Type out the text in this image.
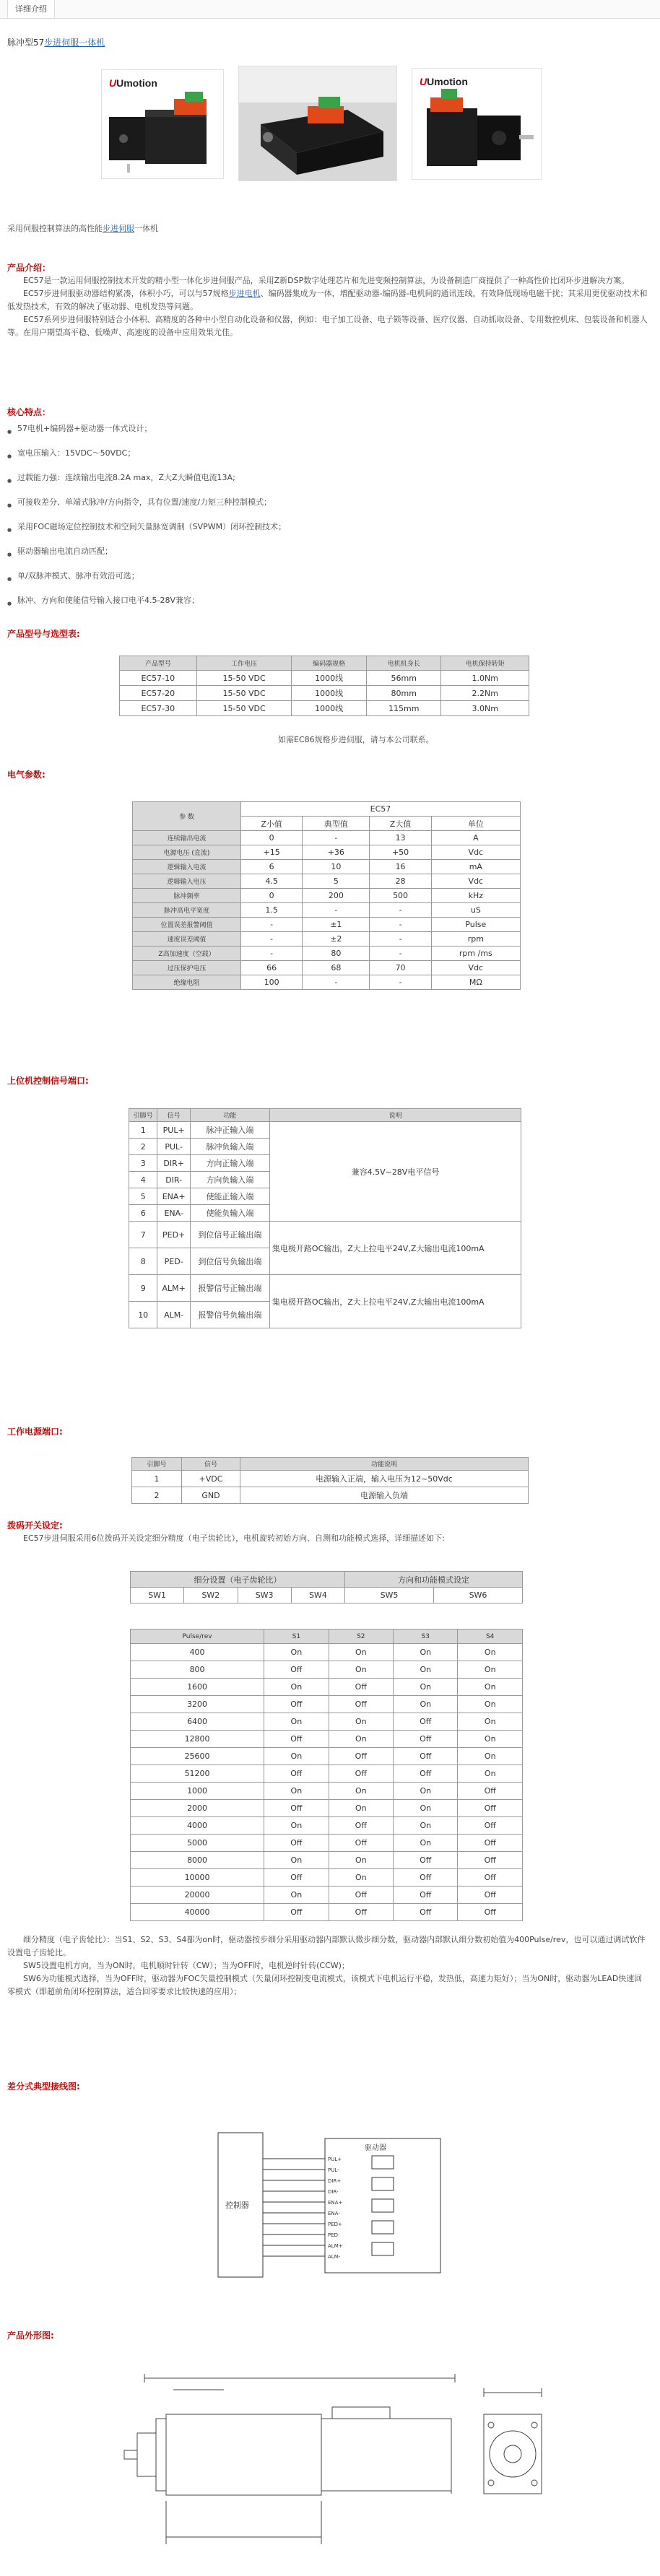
详细介绍
脉冲型57步进伺服一体机
UUmotion	UUmotion
采用伺服控制算法的高性能步进伺服一体机
产品介绍：
EC57是一款运用伺服控制技术开发的精小型一体化步进伺服产品，采用Z新DSP数字处理芯片和先进变频控制算法，为设备制造厂商提供了一种高性价比闭环步进解决方案。
EC57步进伺服驱动器结构紧凑，体积小巧，可以与57规格步进电机、编码器集成为一体，增配驱动器-编码器-电机间的通讯连线，有效降低现场电磁干扰；其采用更优驱动技术和低发热技术，有效的解决了驱动器、电机发热等问题。
EC57系列步进伺服特别适合小体积、高精度的各种中小型自动化设备和仪器，例如：电子加工设备、电子锁等设备、医疗仪器、自动抓取设备、专用数控机床、包装设备和机器人等。在用户期望高平稳、低噪声、高速度的设备中应用效果尤佳。
核心特点：
● 57电机+编码器+驱动器一体式设计；
● 宽电压输入：15VDC～50VDC；
● 过载能力强：连续输出电流8.2A max，Z大Z大瞬值电流13A;
● 可接收差分、单端式脉冲/方向指令，具有位置/速度/力矩三种控制模式；
● 采用FOC磁场定位控制技术和空间矢量脉宽调制（SVPWM）闭环控制技术；
● 驱动器输出电流自动匹配；
● 单/双脉冲模式、脉冲有效沿可选；
● 脉冲、方向和使能信号输入接口电平4.5-28V兼容；
产品型号与选型表:
产品型号	工作电压	编码器规格	电机机身长	电机保持转矩
EC57-10	15-50 VDC	1000线	56mm	1.0Nm
EC57-20	15-50 VDC	1000线	80mm	2.2Nm
EC57-30	15-50 VDC	1000线	115mm	3.0Nm
如需EC86规格步进伺服，请与本公司联系。
电气参数:
参 数	EC57			
	Z小值	典型值	Z大值	单位
连续输出电流	0	-	13	A
电源电压 (直流)	+15	+36	+50	Vdc
逻辑输入电流	6	10	16	mA
逻辑输入电压	4.5	5	28	Vdc
脉冲频率	0	200	500	kHz
脉冲高电平宽度	1.5	-	-	uS
位置误差报警阈值	-	±1	-	Pulse
速度误差阈值	-	±2	-	rpm
Z高加速度（空载）	-	80	-	rpm /ms
过压保护电压	66	68	70	Vdc
绝缘电阻	100	-	-	MΩ
上位机控制信号端口:
引脚号	信号	功能	说明
1	PUL+	脉冲正输入端	兼容4.5V~28V电平信号
2	PUL-	脉冲负输入端	
3	DIR+	方向正输入端	
4	DIR-	方向负输入端	
5	ENA+	使能正输入端	
6	ENA-	使能负输入端	
7	PED+	到位信号正输出端	集电极开路OC输出，Z大上拉电平24V,Z大输出电流100mA
8	PED-	到位信号负输出端	
9	ALM+	报警信号正输出端	集电极开路OC输出，Z大上拉电平24V,Z大输出电流100mA
10	ALM-	报警信号负输出端	
工作电源端口:
引脚号	信号	功能说明
1	+VDC	电源输入正端，输入电压为12~50Vdc
2	GND	电源输入负端
拨码开关设定:
EC57步进伺服采用6位拨码开关设定细分精度（电子齿轮比），电机旋转初始方向、自测和功能模式选择，详细描述如下:
细分设置（电子齿轮比）				方向和功能模式设定	
SW1	SW2	SW3	SW4	SW5	SW6
Pulse/rev	S1	S2	S3	S4
400	On	On	On	On
800	Off	On	On	On
1600	On	Off	On	On
3200	Off	Off	On	On
6400	On	On	Off	On
12800	Off	On	Off	On
25600	On	Off	Off	On
51200	Off	Off	Off	On
1000	On	On	On	Off
2000	Off	On	On	Off
4000	On	Off	On	Off
5000	Off	Off	On	Off
8000	On	On	Off	Off
10000	Off	On	Off	Off
20000	On	Off	Off	Off
40000	Off	Off	Off	Off
细分精度（电子齿轮比）：当S1、S2、S3、S4都为on时，驱动器按步细分采用驱动器内部默认微步细分数，驱动器内部默认细分数初始值为400Pulse/rev，也可以通过调试软件设置电子齿轮比。
SW5设置电机方向，当为ON时，电机顺时针转（CW）；当为OFF时，电机逆时针转(CCW)；
SW6为功能模式选择，当为OFF时，驱动器为FOC矢量控制模式（矢量闭环控制变电流模式，该模式下电机运行平稳，发热低，高速力矩好）；当为ON时，驱动器为LEAD快速回零模式（即超前角闭环控制算法，适合回零要求比较快速的应用）；
差分式典型接线图:
控制器
驱动器
PUL+
PUL-
DIR+
DIR-
ENA+
ENA-
PED+
PED-
ALM+
ALM-
产品外形图:
